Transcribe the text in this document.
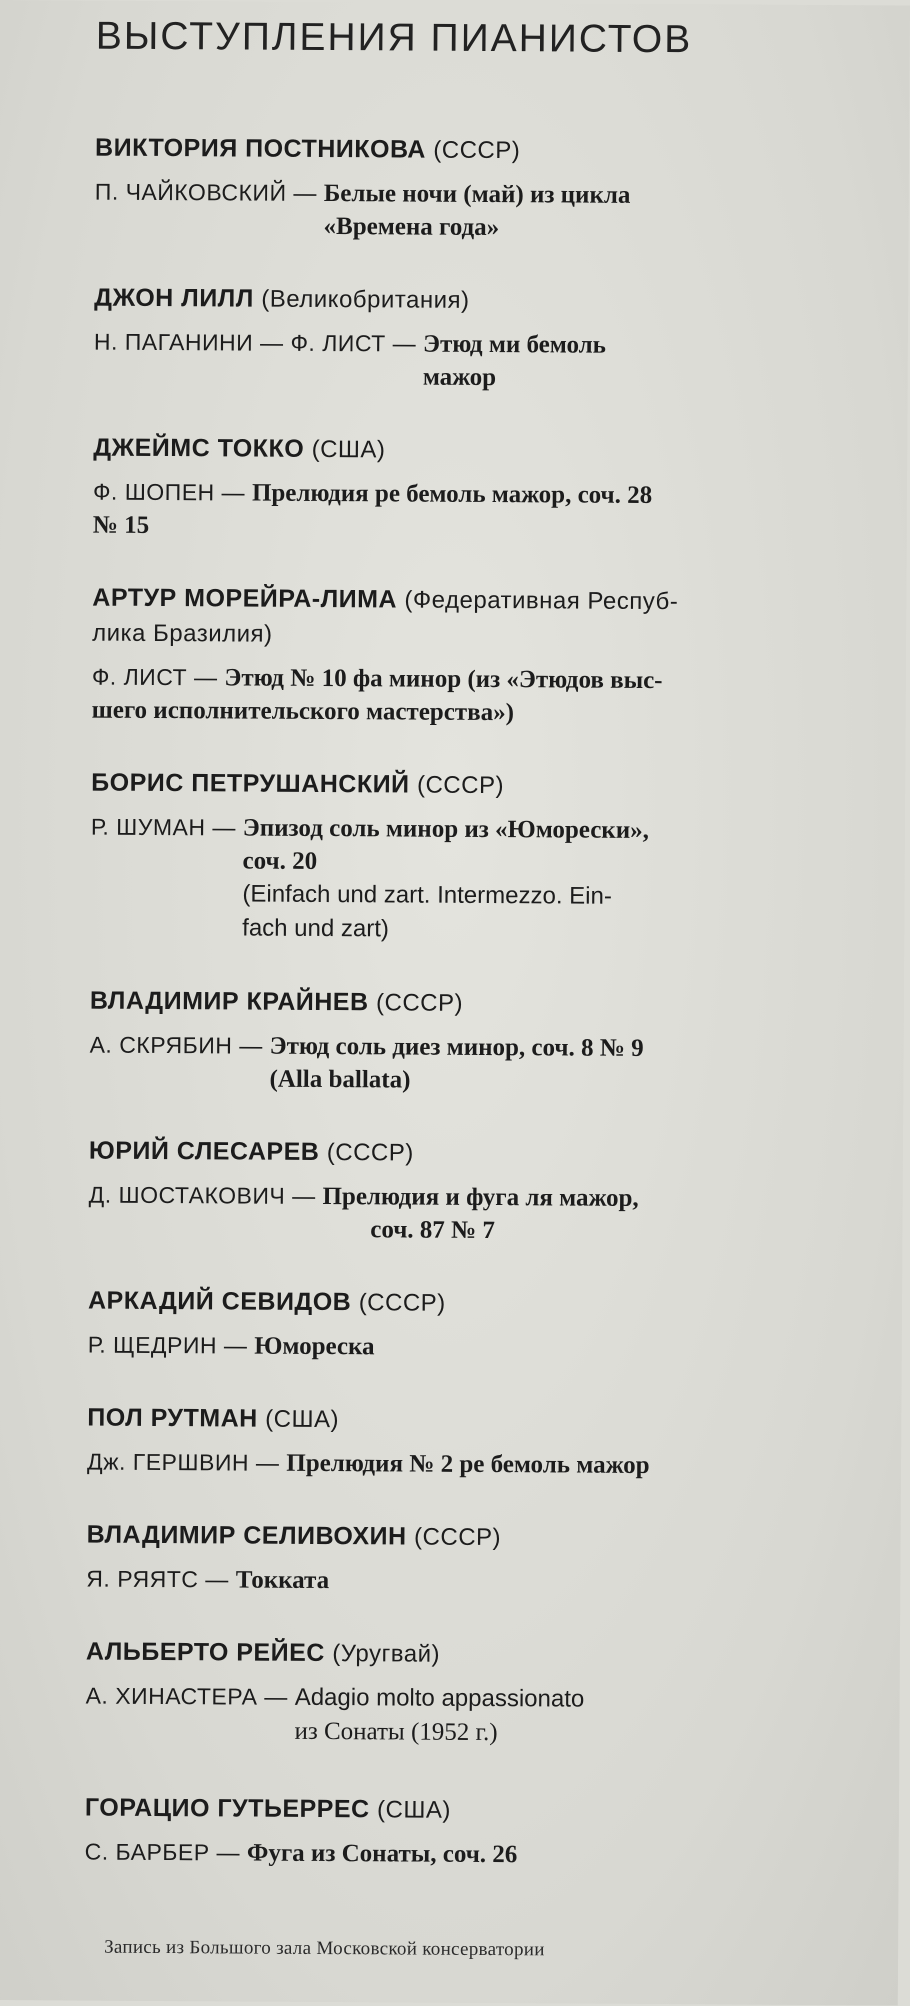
ВЫСТУПЛЕНИЯ ПИАНИСТОВ
ВИКТОРИЯ ПОСТНИКОВА (СССР)
П. ЧАЙКОВСКИЙ — Белые ночи (май) из цикла
«Времена года»
ДЖОН ЛИЛЛ (Великобритания)
Н. ПАГАНИНИ — Ф. ЛИСТ — Этюд ми бемоль
мажор
ДЖЕЙМС ТОККО (США)
Ф. ШОПЕН — Прелюдия ре бемоль мажор, соч. 28
№ 15
АРТУР МОРЕЙРА-ЛИМА (Федеративная Респуб-
лика Бразилия)
Ф. ЛИСТ — Этюд № 10 фа минор (из «Этюдов выс-
шего исполнительского мастерства»)
БОРИС ПЕТРУШАНСКИЙ (СССР)
Р. ШУМАН — Эпизод соль минор из «Юморески»,
соч. 20
(Einfach und zart. Intermezzo. Ein-
fach und zart)
ВЛАДИМИР КРАЙНЕВ (СССР)
А. СКРЯБИН — Этюд соль диез минор, соч. 8 № 9
(Alla ballata)
ЮРИЙ СЛЕСАРЕВ (СССР)
Д. ШОСТАКОВИЧ — Прелюдия и фуга ля мажор,
соч. 87 № 7
АРКАДИЙ СЕВИДОВ (СССР)
Р. ЩЕДРИН — Юмореска
ПОЛ РУТМАН (США)
Дж. ГЕРШВИН — Прелюдия № 2 ре бемоль мажор
ВЛАДИМИР СЕЛИВОХИН (СССР)
Я. РЯЯТС — Токката
АЛЬБЕРТО РЕЙЕС (Уругвай)
А. ХИНАСТЕРА — Adagio molto appassionato
из Сонаты (1952 г.)
ГОРАЦИО ГУТЬЕРРЕС (США)
С. БАРБЕР — Фуга из Сонаты, соч. 26
Запись из Большого зала Московской консерватории
